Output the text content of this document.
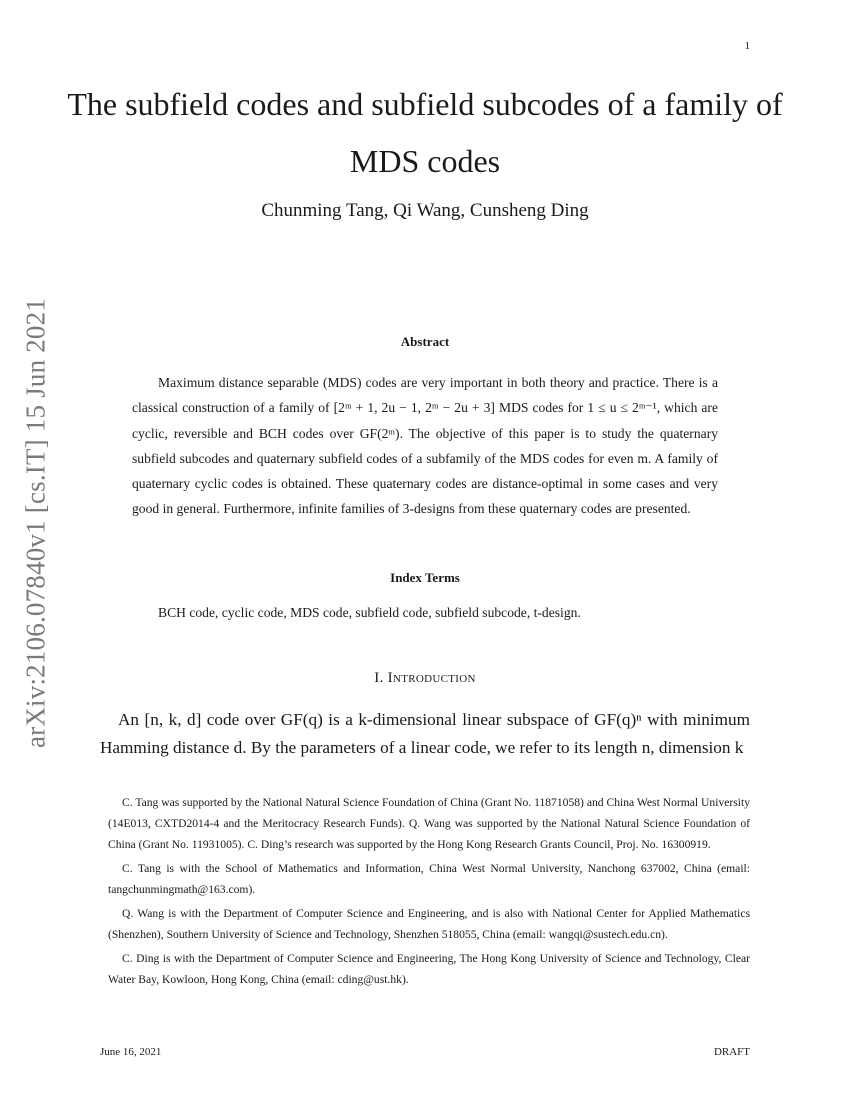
1
arXiv:2106.07840v1 [cs.IT] 15 Jun 2021
The subfield codes and subfield subcodes of a family of MDS codes
Chunming Tang, Qi Wang, Cunsheng Ding
Abstract
Maximum distance separable (MDS) codes are very important in both theory and practice. There is a classical construction of a family of [2ᵐ + 1, 2u − 1, 2ᵐ − 2u + 3] MDS codes for 1 ≤ u ≤ 2ᵐ⁻¹, which are cyclic, reversible and BCH codes over GF(2ᵐ). The objective of this paper is to study the quaternary subfield subcodes and quaternary subfield codes of a subfamily of the MDS codes for even m. A family of quaternary cyclic codes is obtained. These quaternary codes are distance-optimal in some cases and very good in general. Furthermore, infinite families of 3-designs from these quaternary codes are presented.
Index Terms
BCH code, cyclic code, MDS code, subfield code, subfield subcode, t-design.
I. Introduction
An [n, k, d] code over GF(q) is a k-dimensional linear subspace of GF(q)ⁿ with minimum Hamming distance d. By the parameters of a linear code, we refer to its length n, dimension k

C. Tang was supported by the National Natural Science Foundation of China (Grant No. 11871058) and China West Normal University (14E013, CXTD2014-4 and the Meritocracy Research Funds). Q. Wang was supported by the National Natural Science Foundation of China (Grant No. 11931005). C. Ding’s research was supported by the Hong Kong Research Grants Council, Proj. No. 16300919.

C. Tang is with the School of Mathematics and Information, China West Normal University, Nanchong 637002, China (email: tangchunmingmath@163.com).

Q. Wang is with the Department of Computer Science and Engineering, and is also with National Center for Applied Mathematics (Shenzhen), Southern University of Science and Technology, Shenzhen 518055, China (email: wangqi@sustech.edu.cn).

C. Ding is with the Department of Computer Science and Engineering, The Hong Kong University of Science and Technology, Clear Water Bay, Kowloon, Hong Kong, China (email: cding@ust.hk).

June 16, 2021	DRAFT
